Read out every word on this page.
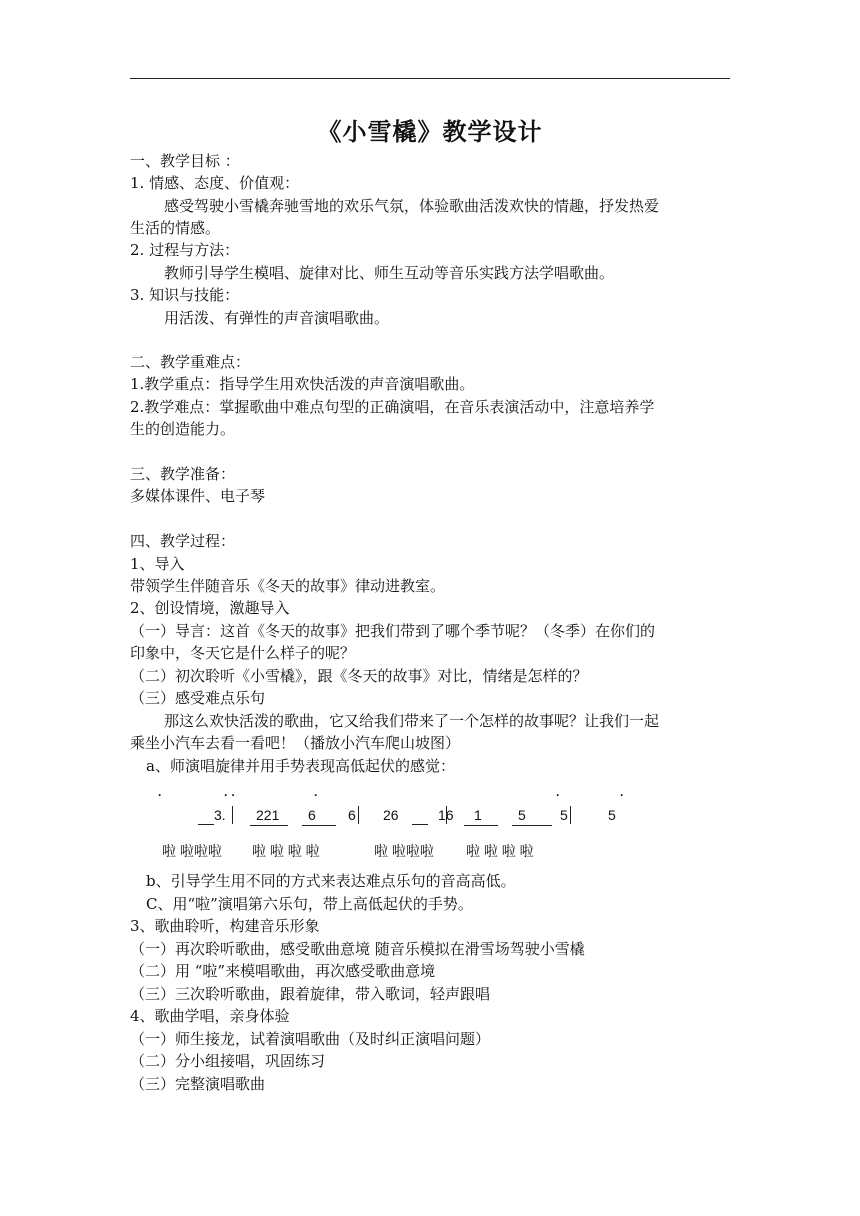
《小雪橇》教学设计
一、教学目标 ：
1. 情感、态度、价值观：
感受驾驶小雪橇奔驰雪地的欢乐气氛，体验歌曲活泼欢快的情趣，抒发热爱
生活的情感。
2. 过程与方法：
教师引导学生模唱、旋律对比、师生互动等音乐实践方法学唱歌曲。
3. 知识与技能：
用活泼、有弹性的声音演唱歌曲。
二、教学重难点：
1.教学重点：指导学生用欢快活泼的声音演唱歌曲。
2.教学难点：掌握歌曲中难点句型的正确演唱，在音乐表演活动中，注意培养学
生的创造能力。
三、教学准备：
多媒体课件、电子琴
四、教学过程：
1、导入
带领学生伴随音乐《冬天的故事》律动进教室。
2、创设情境，激趣导入
（一）导言：这首《冬天的故事》把我们带到了哪个季节呢？（冬季）在你们的
印象中，冬天它是什么样子的呢？
（二）初次聆听《小雪橇》，跟《冬天的故事》对比，情绪是怎样的？
（三）感受难点乐句
那这么欢快活泼的歌曲，它又给我们带来了一个怎样的故事呢？让我们一起
乘坐小汽车去看一看吧！（播放小汽车爬山坡图）
a、师演唱旋律并用手势表现高低起伏的感觉：
·	· ·	·	·	·
3. 221 6 6 26	16 1	5 5	5
啦 啦啦啦 啦 啦 啦 啦	啦 啦啦啦 啦 啦 啦 啦
b、引导学生用不同的方式来表达难点乐句的音高高低。
C、用“啦”演唱第六乐句，带上高低起伏的手势。
3、歌曲聆听，构建音乐形象
（一）再次聆听歌曲，感受歌曲意境 随音乐模拟在滑雪场驾驶小雪橇
（二）用 “啦”来模唱歌曲，再次感受歌曲意境
（三）三次聆听歌曲，跟着旋律，带入歌词，轻声跟唱
4、歌曲学唱，亲身体验
（一）师生接龙，试着演唱歌曲（及时纠正演唱问题）
（二）分小组接唱，巩固练习
（三）完整演唱歌曲
